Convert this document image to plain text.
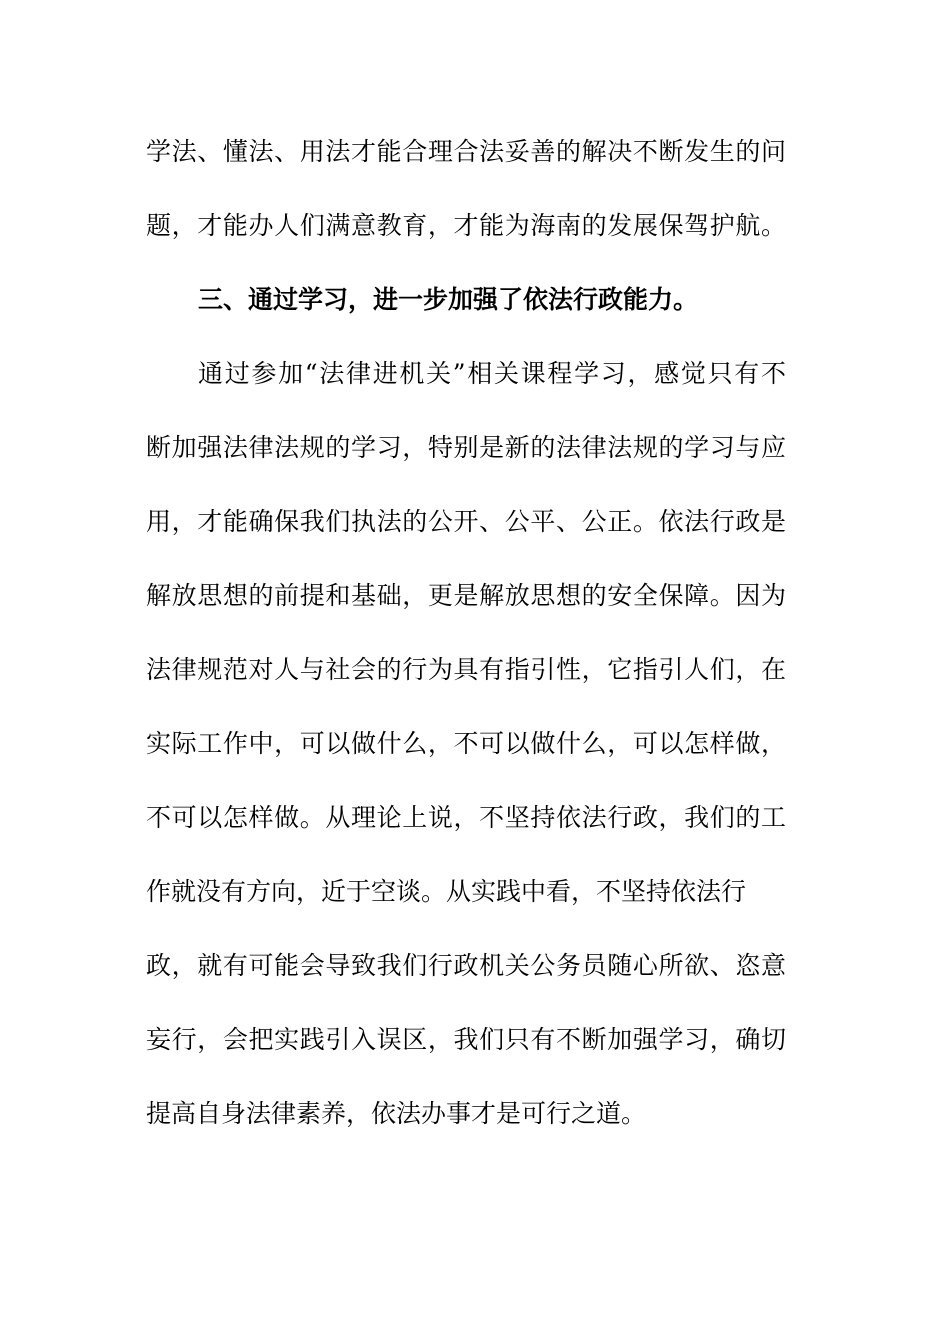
学法、懂法、用法才能合理合法妥善的解决不断发生的问
题，才能办人们满意教育，才能为海南的发展保驾护航。
三、通过学习，进一步加强了依法行政能力。
通过参加“法律进机关”相关课程学习，感觉只有不
断加强法律法规的学习，特别是新的法律法规的学习与应
用，才能确保我们执法的公开、公平、公正。依法行政是
解放思想的前提和基础，更是解放思想的安全保障。因为
法律规范对人与社会的行为具有指引性，它指引人们，在
实际工作中，可以做什么，不可以做什么，可以怎样做，
不可以怎样做。从理论上说，不坚持依法行政，我们的工
作就没有方向，近于空谈。从实践中看，不坚持依法行
政，就有可能会导致我们行政机关公务员随心所欲、恣意
妄行，会把实践引入误区，我们只有不断加强学习，确切
提高自身法律素养，依法办事才是可行之道。
